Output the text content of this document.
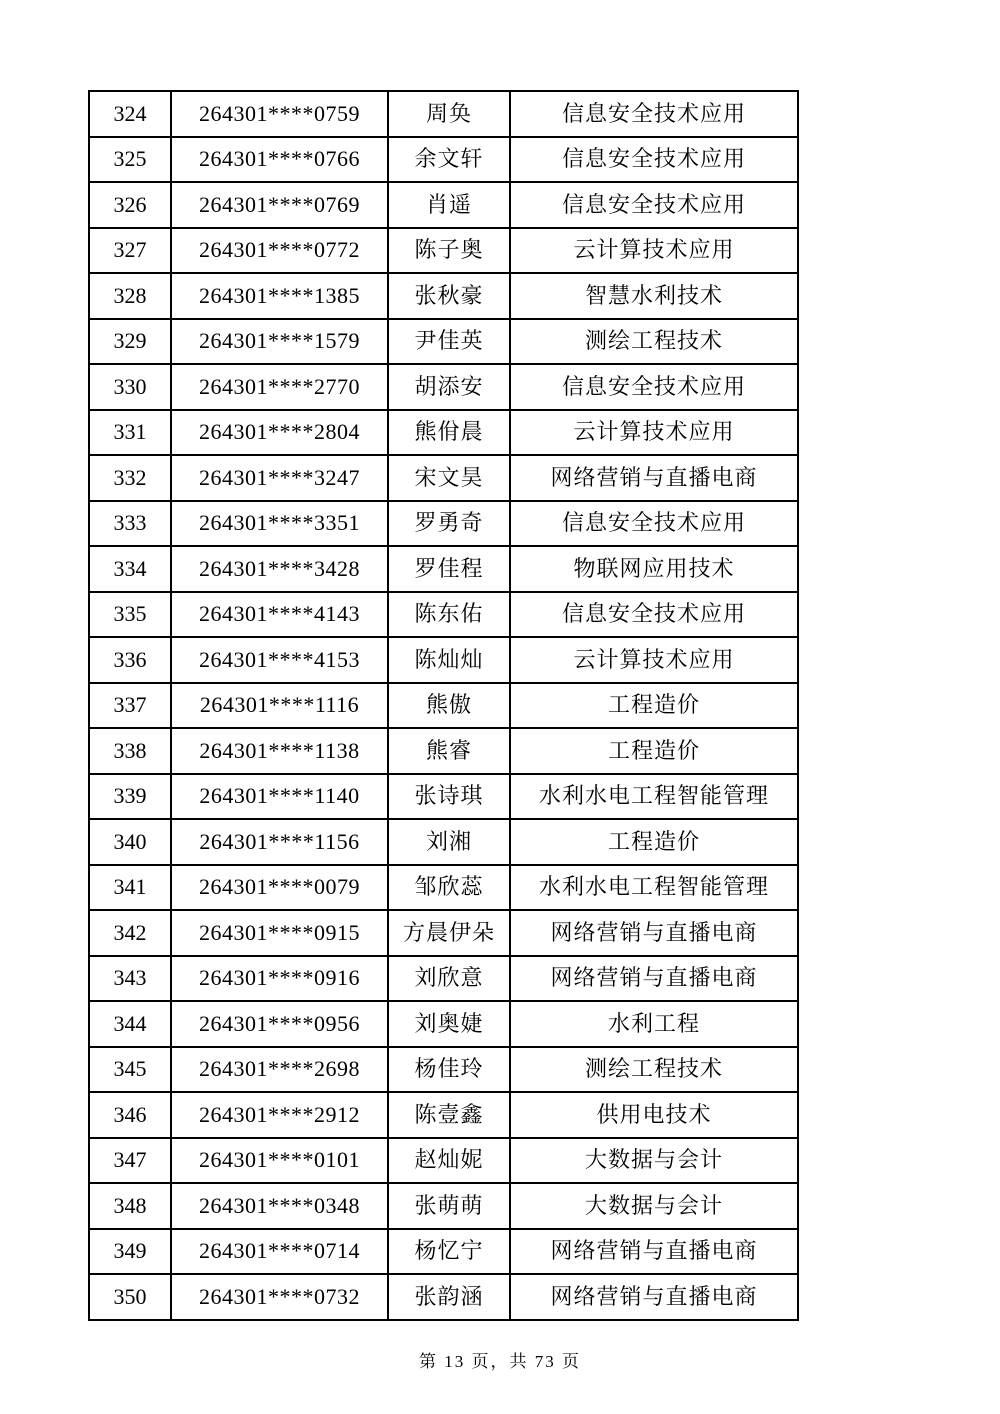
324	264301****0759	周奂	信息安全技术应用
325	264301****0766	余文轩	信息安全技术应用
326	264301****0769	肖遥	信息安全技术应用
327	264301****0772	陈子奥	云计算技术应用
328	264301****1385	张秋豪	智慧水利技术
329	264301****1579	尹佳英	测绘工程技术
330	264301****2770	胡添安	信息安全技术应用
331	264301****2804	熊佾晨	云计算技术应用
332	264301****3247	宋文昊	网络营销与直播电商
333	264301****3351	罗勇奇	信息安全技术应用
334	264301****3428	罗佳程	物联网应用技术
335	264301****4143	陈东佑	信息安全技术应用
336	264301****4153	陈灿灿	云计算技术应用
337	264301****1116	熊傲	工程造价
338	264301****1138	熊睿	工程造价
339	264301****1140	张诗琪	水利水电工程智能管理
340	264301****1156	刘湘	工程造价
341	264301****0079	邹欣蕊	水利水电工程智能管理
342	264301****0915	方晨伊朵	网络营销与直播电商
343	264301****0916	刘欣意	网络营销与直播电商
344	264301****0956	刘奥婕	水利工程
345	264301****2698	杨佳玲	测绘工程技术
346	264301****2912	陈壹鑫	供用电技术
347	264301****0101	赵灿妮	大数据与会计
348	264301****0348	张萌萌	大数据与会计
349	264301****0714	杨忆宁	网络营销与直播电商
350	264301****0732	张韵涵	网络营销与直播电商
第 13 页，共 73 页
